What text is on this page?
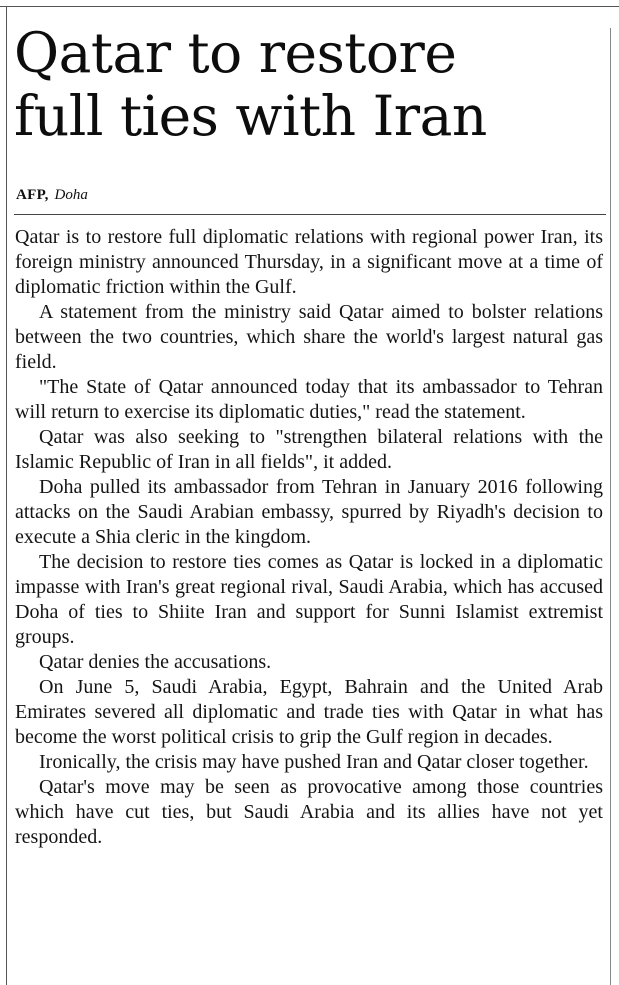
Qatar to restore
full ties with Iran
AFP, Doha

Qatar is to restore full diplomatic relations with regional power Iran, its foreign ministry announced Thursday, in a significant move at a time of diplomatic friction within the Gulf.

A statement from the ministry said Qatar aimed to bolster relations between the two countries, which share the world's largest natural gas field.

"The State of Qatar announced today that its ambassador to Tehran will return to exercise its diplomatic duties," read the statement.

Qatar was also seeking to "strengthen bilateral relations with the Islamic Republic of Iran in all fields", it added.

Doha pulled its ambassador from Tehran in January 2016 following attacks on the Saudi Arabian embassy, spurred by Riyadh's decision to execute a Shia cleric in the kingdom.

The decision to restore ties comes as Qatar is locked in a diplomatic impasse with Iran's great regional rival, Saudi Arabia, which has accused Doha of ties to Shiite Iran and support for Sunni Islamist extremist groups.

Qatar denies the accusations.

On June 5, Saudi Arabia, Egypt, Bahrain and the United Arab Emirates severed all diplomatic and trade ties with Qatar in what has become the worst political crisis to grip the Gulf region in decades.

Ironically, the crisis may have pushed Iran and Qatar closer together.

Qatar's move may be seen as provocative among those countries which have cut ties, but Saudi Arabia and its allies have not yet responded.
